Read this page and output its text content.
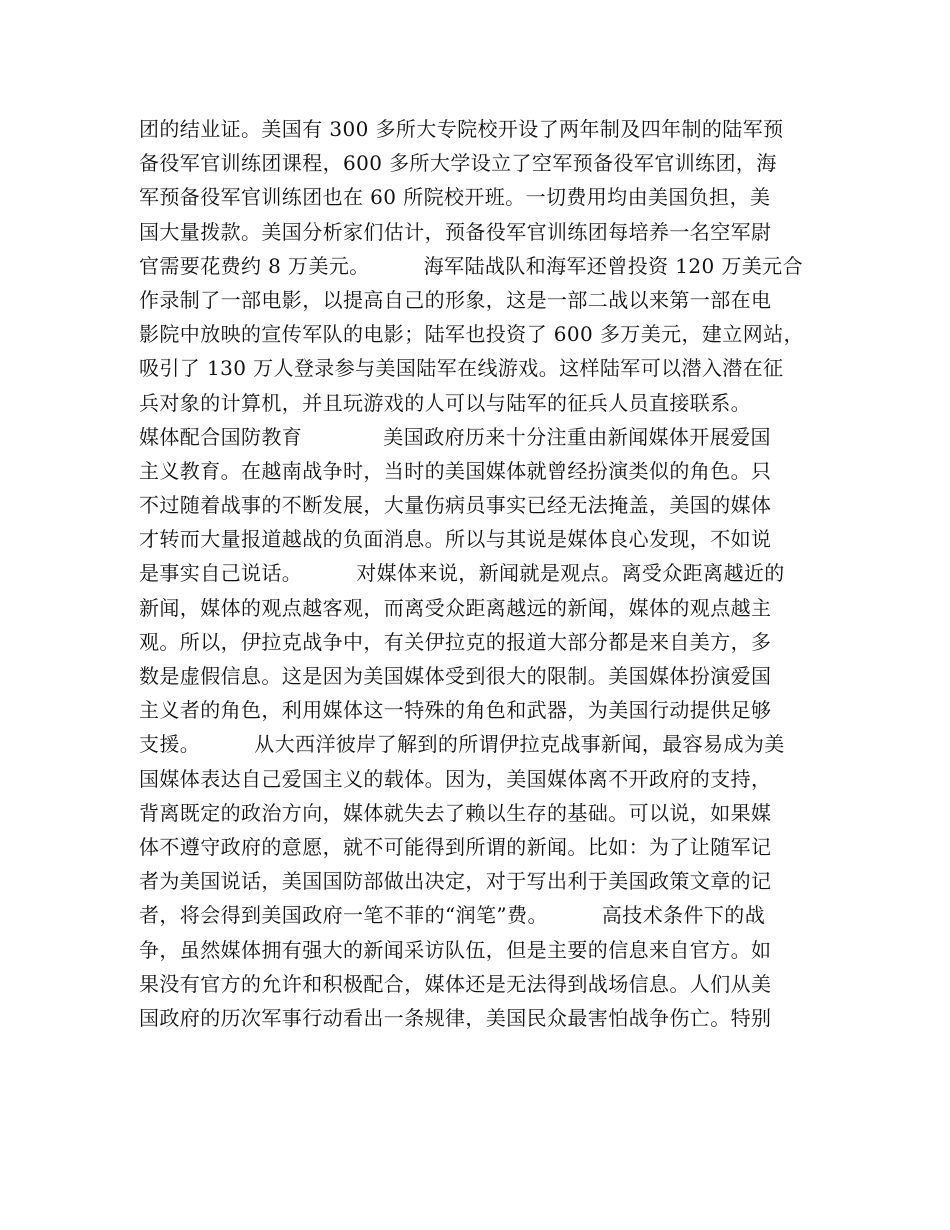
团的结业证。美国有 300 多所大专院校开设了两年制及四年制的陆军预
备役军官训练团课程，600 多所大学设立了空军预备役军官训练团，海
军预备役军官训练团也在 60 所院校开班。一切费用均由美国负担，美
国大量拨款。美国分析家们估计，预备役军官训练团每培养一名空军尉
官需要花费约 8 万美元。        海军陆战队和海军还曾投资 120 万美元合
作录制了一部电影，以提高自己的形象，这是一部二战以来第一部在电
影院中放映的宣传军队的电影；陆军也投资了 600 多万美元，建立网站，
吸引了 130 万人登录参与美国陆军在线游戏。这样陆军可以潜入潜在征
兵对象的计算机，并且玩游戏的人可以与陆军的征兵人员直接联系。
媒体配合国防教育            美国政府历来十分注重由新闻媒体开展爱国
主义教育。在越南战争时，当时的美国媒体就曾经扮演类似的角色。只
不过随着战事的不断发展，大量伤病员事实已经无法掩盖，美国的媒体
才转而大量报道越战的负面消息。所以与其说是媒体良心发现，不如说
是事实自己说话。        对媒体来说，新闻就是观点。离受众距离越近的
新闻，媒体的观点越客观，而离受众距离越远的新闻，媒体的观点越主
观。所以，伊拉克战争中，有关伊拉克的报道大部分都是来自美方，多
数是虚假信息。这是因为美国媒体受到很大的限制。美国媒体扮演爱国
主义者的角色，利用媒体这一特殊的角色和武器，为美国行动提供足够
支援。        从大西洋彼岸了解到的所谓伊拉克战事新闻，最容易成为美
国媒体表达自己爱国主义的载体。因为，美国媒体离不开政府的支持，
背离既定的政治方向，媒体就失去了赖以生存的基础。可以说，如果媒
体不遵守政府的意愿，就不可能得到所谓的新闻。比如：为了让随军记
者为美国说话，美国国防部做出决定，对于写出利于美国政策文章的记
者，将会得到美国政府一笔不菲的“润笔”费。        高技术条件下的战
争，虽然媒体拥有强大的新闻采访队伍，但是主要的信息来自官方。如
果没有官方的允许和积极配合，媒体还是无法得到战场信息。人们从美
国政府的历次军事行动看出一条规律，美国民众最害怕战争伤亡。特别
